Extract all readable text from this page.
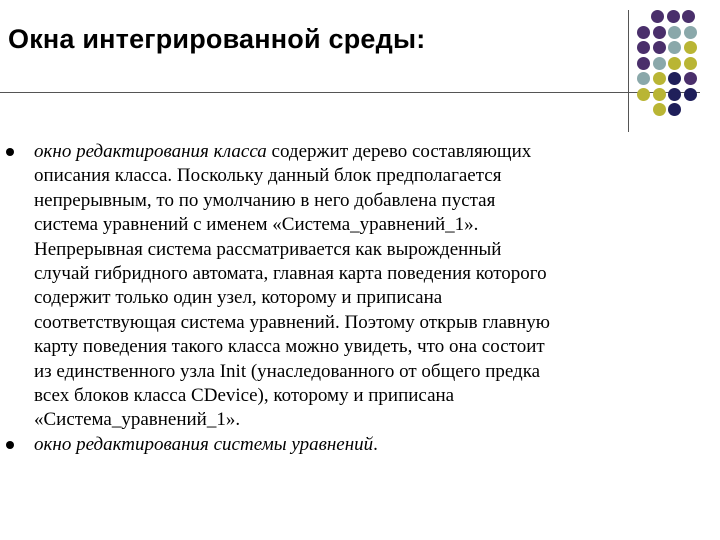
Окна интегрированной среды:
окно редактирования класса содержит дерево составляющих
описания класса. Поскольку данный блок предполагается
непрерывным, то по умолчанию в него добавлена пустая
система уравнений с именем «Система_уравнений_1».
Непрерывная система рассматривается как вырожденный
случай гибридного автомата, главная карта поведения которого
содержит только один узел, которому и приписана
соответствующая система уравнений. Поэтому открыв главную
карту поведения такого класса можно увидеть, что она состоит
из единственного узла Init (унаследованного от общего предка
всех блоков класса CDevice), которому и приписана
«Система_уравнений_1».
окно редактирования системы уравнений.
